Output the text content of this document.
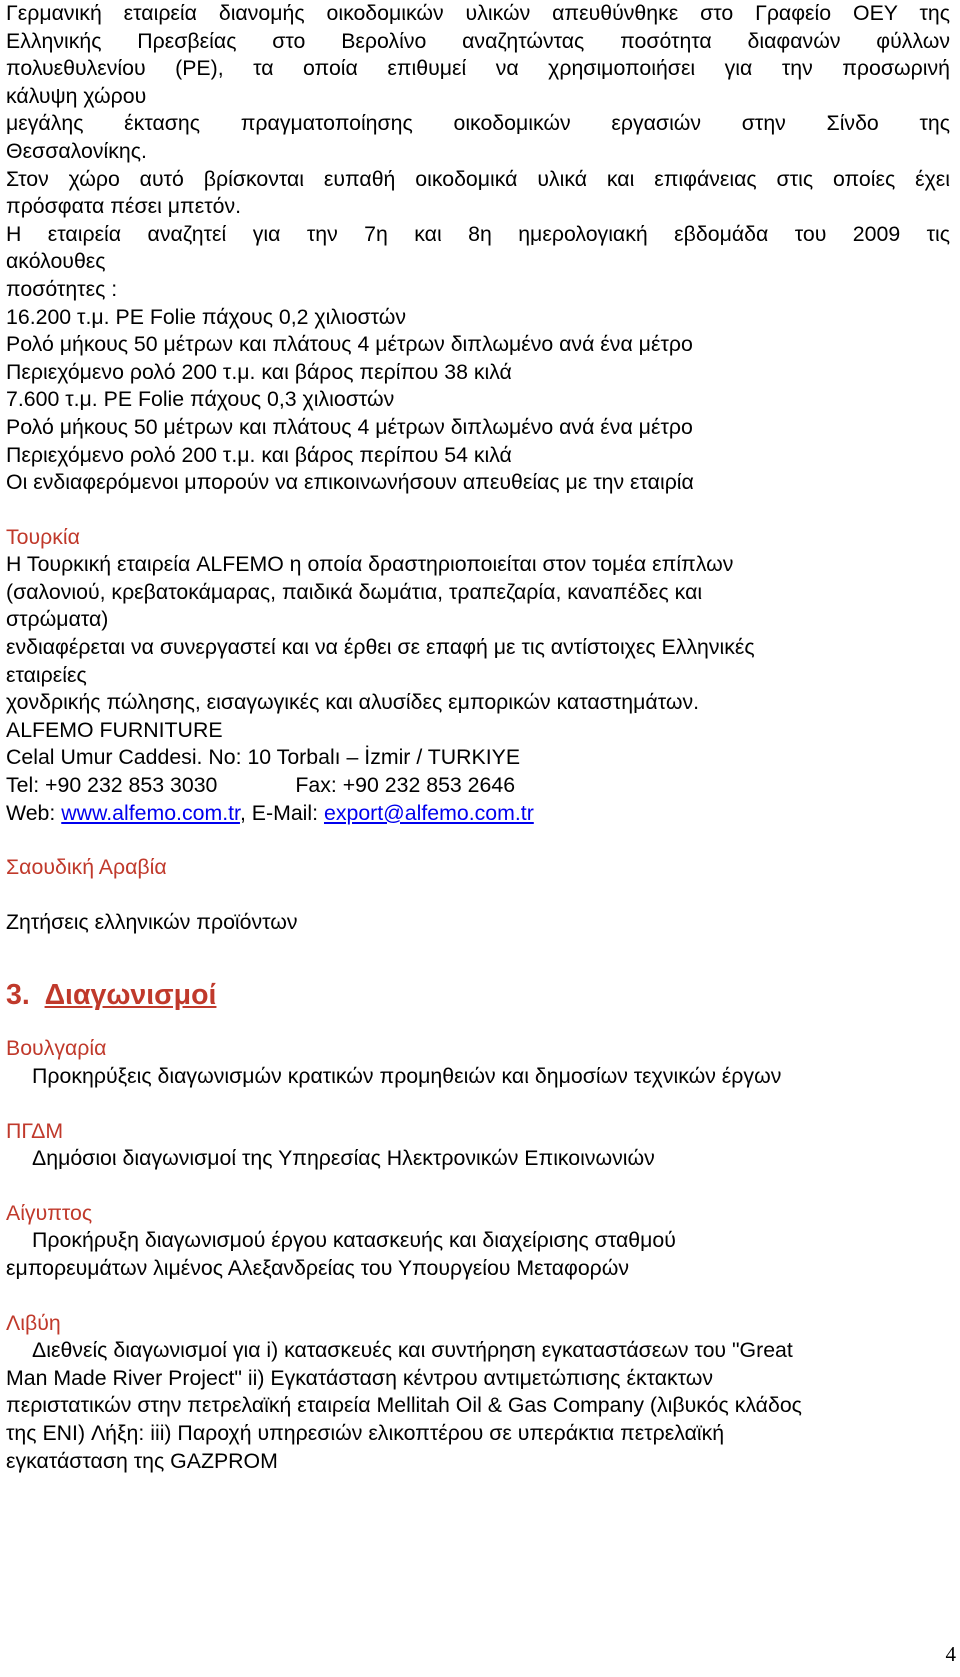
Γερμανική εταιρεία διανομής οικοδομικών υλικών απευθύνθηκε στο Γραφείο ΟΕΥ της

Ελληνικής Πρεσβείας στο Βερολίνο αναζητώντας ποσότητα διαφανών φύλλων

πολυεθυλενίου (PE), τα οποία επιθυμεί να χρησιμοποιήσει για την προσωρινή

κάλυψη χώρου

μεγάλης έκτασης πραγματοποίησης οικοδομικών εργασιών στην Σίνδο της

Θεσσαλονίκης.

Στον χώρο αυτό βρίσκονται ευπαθή οικοδομικά υλικά και επιφάνειας στις οποίες έχει

πρόσφατα πέσει μπετόν.

Η εταιρεία αναζητεί για την 7η και 8η ημερολογιακή εβδομάδα του 2009 τις

ακόλουθες

ποσότητες :

16.200 τ.μ. PE Folie πάχους 0,2 χιλιοστών

Ρολό μήκους 50 μέτρων και πλάτους 4 μέτρων διπλωμένο ανά ένα μέτρο

Περιεχόμενο ρολό 200 τ.μ. και βάρος περίπου 38 κιλά

7.600 τ.μ. PE Folie πάχους 0,3 χιλιοστών

Ρολό μήκους 50 μέτρων και πλάτους 4 μέτρων διπλωμένο ανά ένα μέτρο

Περιεχόμενο ρολό 200 τ.μ. και βάρος περίπου 54 κιλά

Οι ενδιαφερόμενοι μπορούν να επικοινωνήσουν απευθείας με την εταιρία

Τουρκία

Η Τουρκική εταιρεία ALFEMO η οποία δραστηριοποιείται στον τομέα επίπλων

(σαλονιού, κρεβατοκάμαρας, παιδικά δωμάτια, τραπεζαρία, καναπέδες και

στρώματα)

ενδιαφέρεται να συνεργαστεί και να έρθει σε επαφή με τις αντίστοιχες Ελληνικές

εταιρείες

χονδρικής πώλησης, εισαγωγικές και αλυσίδες εμπορικών καταστημάτων.

ALFEMO FURNITURE

Celal Umur Caddesi. No: 10 Torbalı – İzmir / TURKIYE

Tel: +90 232 853 3030	Fax: +90 232 853 2646

Web: www.alfemo.com.tr, E-Mail: export@alfemo.com.tr

Σαουδική Αραβία

Ζητήσεις ελληνικών προϊόντων

3. Διαγωνισμοί

Βουλγαρία

Προκηρύξεις διαγωνισμών κρατικών προμηθειών και δημοσίων τεχνικών έργων

ΠΓΔΜ

Δημόσιοι διαγωνισμοί της Υπηρεσίας Ηλεκτρονικών Επικοινωνιών

Αίγυπτος

Προκήρυξη διαγωνισμού έργου κατασκευής και διαχείρισης σταθμού

εμπορευμάτων λιμένος Αλεξανδρείας του Υπουργείου Μεταφορών

Λιβύη

Διεθνείς διαγωνισμοί για i) κατασκευές και συντήρηση εγκαταστάσεων του "Great

Man Made River Project" ii) Εγκατάσταση κέντρου αντιμετώπισης έκτακτων

περιστατικών στην πετρελαϊκή εταιρεία Mellitah Oil & Gas Company (λιβυκός κλάδος

της ENI) Λήξη: iii) Παροχή υπηρεσιών ελικοπτέρου σε υπεράκτια πετρελαϊκή

εγκατάσταση της GAZPROM

4
